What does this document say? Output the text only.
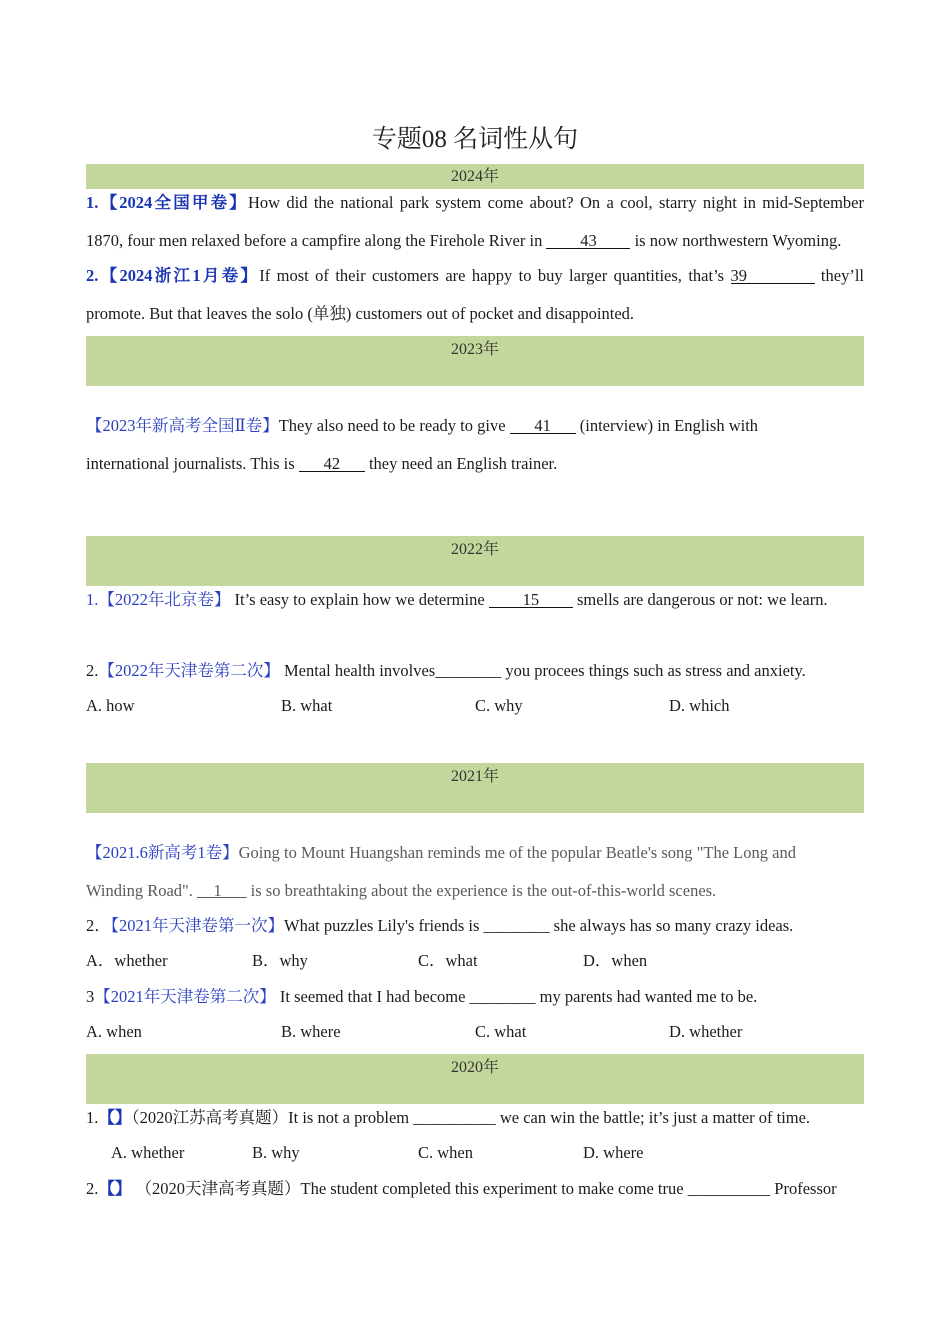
专题08 名词性从句
2024年
1.【2024全国甲卷】How did the national park system come about? On a cool, starry night in mid-September
1870, four men relaxed before a campfire along the Firehole River in 43 is now northwestern Wyoming.
2.【2024浙江1月卷】If most of their customers are happy to buy larger quantities, that’s 39	they’ll
promote. But that leaves the solo (单独) customers out of pocket and disappointed.
2023年
【2023年新高考全国Ⅱ卷】They also need to be ready to give 41 (interview) in English with
international journalists. This is 42 they need an English trainer.
2022年
1.【2022年北京卷】 It’s easy to explain how we determine 15 smells are dangerous or not: we learn.
2.【2022年天津卷第二次】 Mental health involves________ you procees things such as stress and anxiety.
A. how	B. what	C. why	D. which
2021年
【2021.6新高考1卷】Going to Mount Huangshan reminds me of the popular Beatle's song "The Long and
Winding Road". __1___ is so breathtaking about the experience is the out-of-this-world scenes.
2．【2021年天津卷第一次】What puzzles Lily's friends is ________ she always has so many crazy ideas.
A．whether	B．why	C．what	D．when
3【2021年天津卷第二次】 It seemed that I had become ________ my parents had wanted me to be.
A. when	B. where	C. what	D. whether
2020年
1.【】（2020江苏高考真题）It is not a problem __________ we can win the battle; it’s just a matter of time.
A. whether	B. why	C. when	D. where
2.【】 （2020天津高考真题）The student completed this experiment to make come true __________ Professor
